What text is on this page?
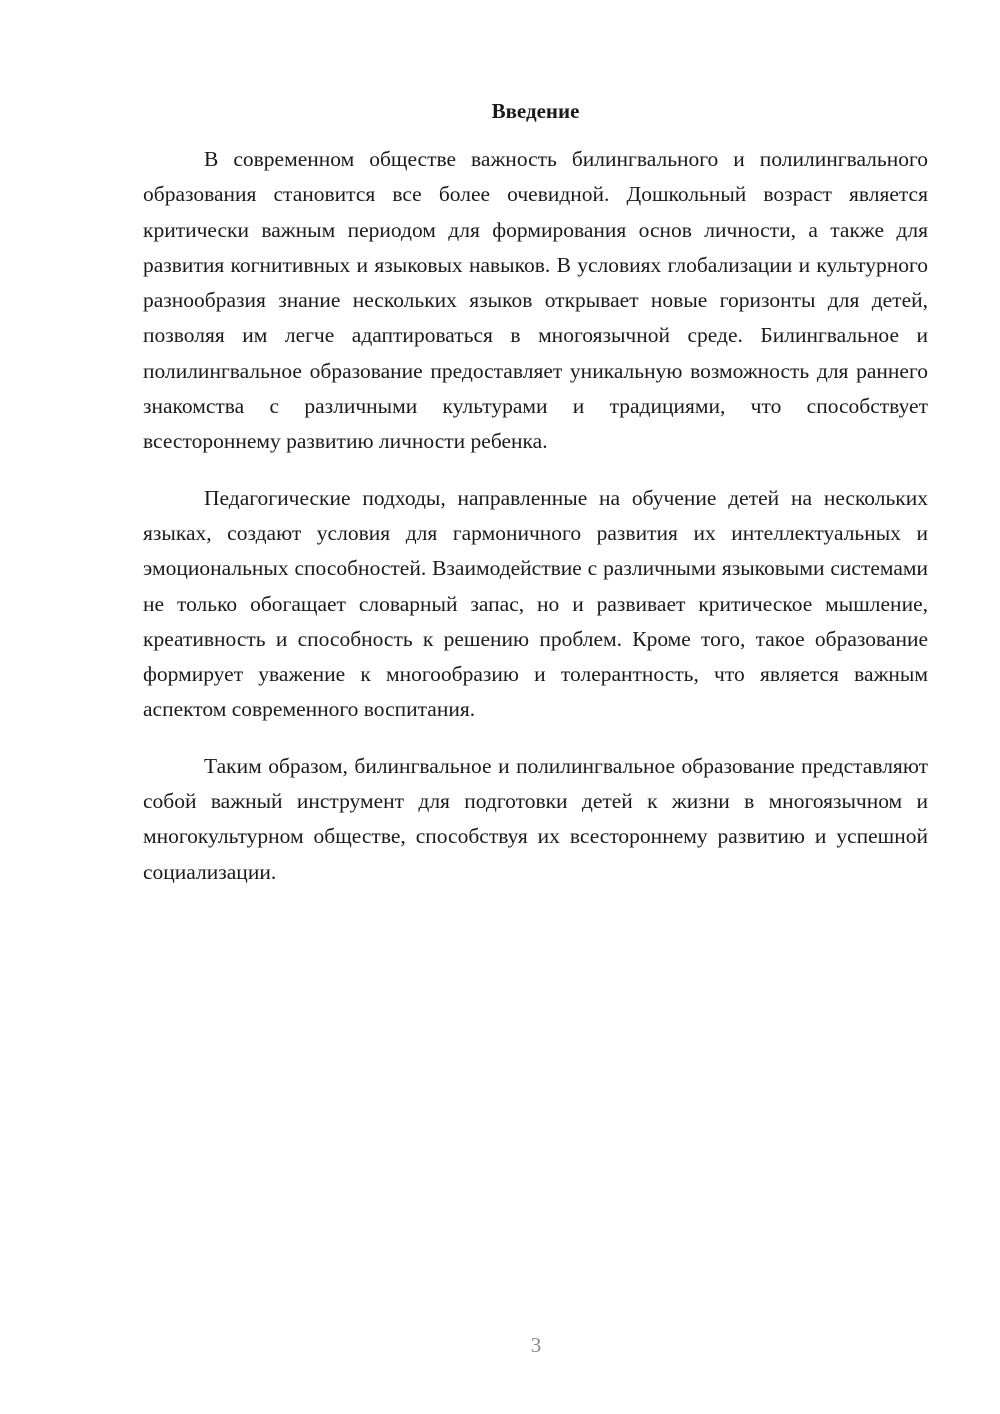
Введение

В современном обществе важность билингвального и полилингвального образования становится все более очевидной. Дошкольный возраст является критически важным периодом для формирования основ личности, а также для развития когнитивных и языковых навыков. В условиях глобализации и культурного разнообразия знание нескольких языков открывает новые горизонты для детей, позволяя им легче адаптироваться в многоязычной среде. Билингвальное и полилингвальное образование предоставляет уникальную возможность для раннего знакомства с различными культурами и традициями, что способствует всестороннему развитию личности ребенка.

Педагогические подходы, направленные на обучение детей на нескольких языках, создают условия для гармоничного развития их интеллектуальных и эмоциональных способностей. Взаимодействие с различными языковыми системами не только обогащает словарный запас, но и развивает критическое мышление, креативность и способность к решению проблем. Кроме того, такое образование формирует уважение к многообразию и толерантность, что является важным аспектом современного воспитания.

Таким образом, билингвальное и полилингвальное образование представляют собой важный инструмент для подготовки детей к жизни в многоязычном и многокультурном обществе, способствуя их всестороннему развитию и успешной социализации.

3
